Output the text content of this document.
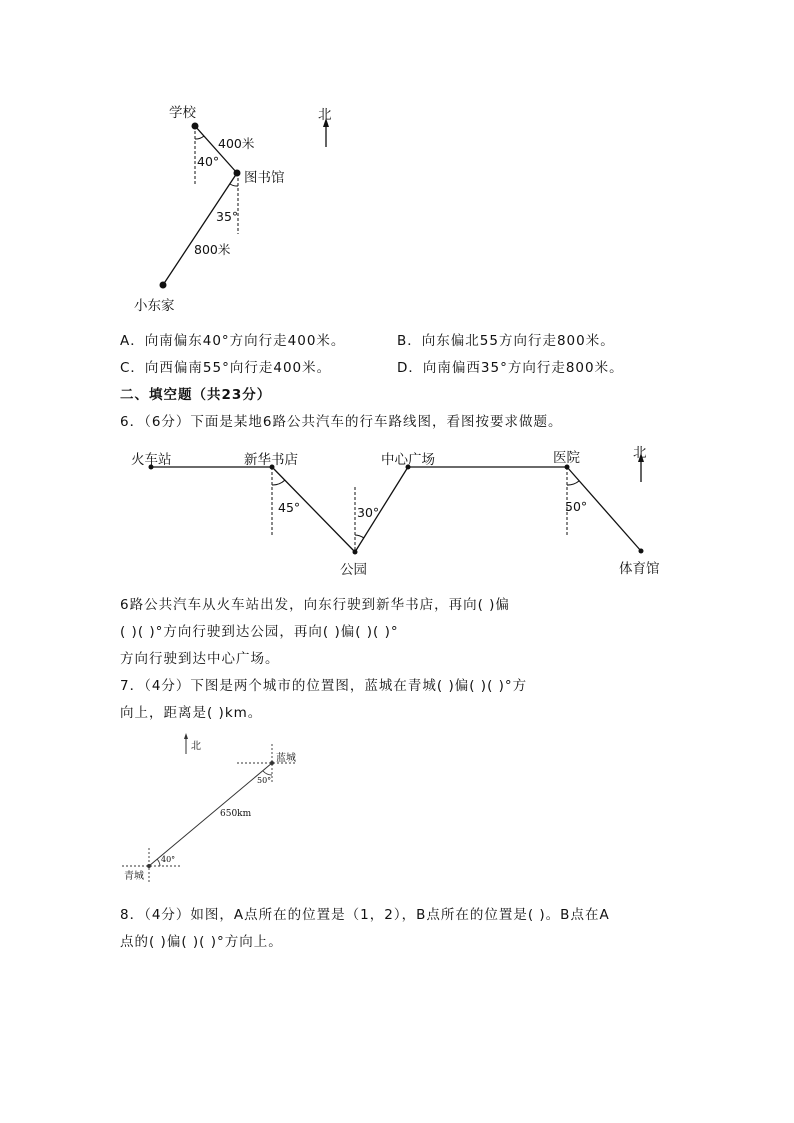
学校	北
400米
40°
图书馆
35°
800米
小东家
A．向南偏东40°方向行走400米。	B．向东偏北55方向行走800米。
C．向西偏南55°向行走400米。	D．向南偏西35°方向行走800米。
二、填空题（共23分）
6．（6分）下面是某地6路公共汽车的行车路线图，看图按要求做题。
火车站	新华书店	中心广场	医院	北
45°	30°	50°
公园	体育馆
6路公共汽车从火车站出发，向东行驶到新华书店，再向( )偏
( )( )°方向行驶到达公园，再向( )偏( )( )°
方向行驶到达中心广场。
7．（4分）下图是两个城市的位置图，蓝城在青城( )偏( )( )°方
向上，距离是( )km。
北
蓝城
50°
650km
40°
青城
8．（4分）如图，A点所在的位置是（1，2），B点所在的位置是( )。B点在A
点的( )偏( )( )°方向上。
